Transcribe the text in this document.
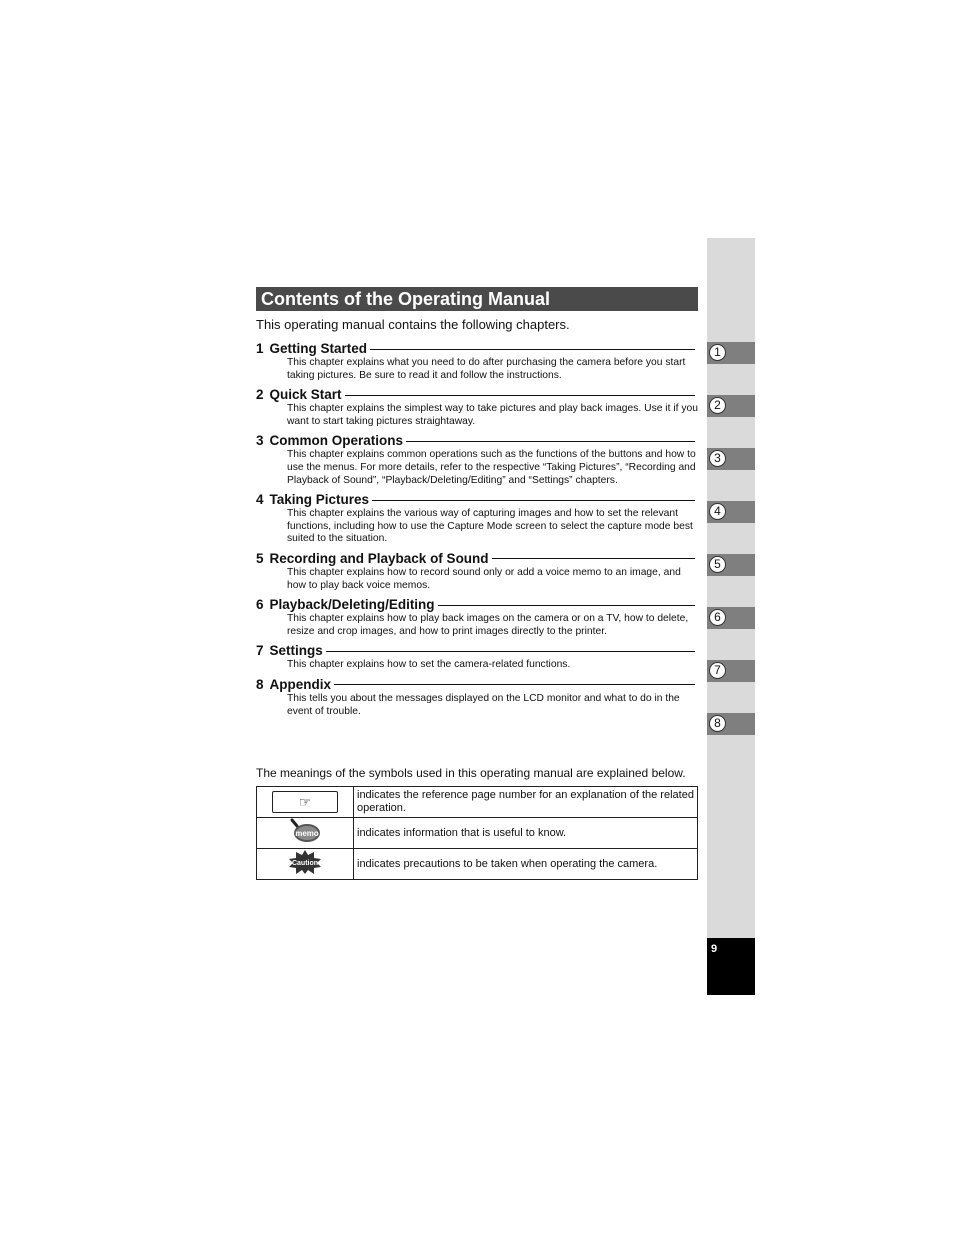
1
2
3
4
5
6
7
8
9
Contents of the Operating Manual
This operating manual contains the following chapters.
1 Getting Started
This chapter explains what you need to do after purchasing the camera before you start taking pictures. Be sure to read it and follow the instructions.
2 Quick Start
This chapter explains the simplest way to take pictures and play back images. Use it if you want to start taking pictures straightaway.
3 Common Operations
This chapter explains common operations such as the functions of the buttons and how to use the menus. For more details, refer to the respective “Taking Pictures”, “Recording and Playback of Sound”, “Playback/Deleting/Editing” and “Settings” chapters.
4 Taking Pictures
This chapter explains the various way of capturing images and how to set the relevant functions, including how to use the Capture Mode screen to select the capture mode best suited to the situation.
5 Recording and Playback of Sound
This chapter explains how to record sound only or add a voice memo to an image, and how to play back voice memos.
6 Playback/Deleting/Editing
This chapter explains how to play back images on the camera or on a TV, how to delete, resize and crop images, and how to print images directly to the printer.
7 Settings
This chapter explains how to set the camera-related functions.
8 Appendix
This tells you about the messages displayed on the LCD monitor and what to do in the event of trouble.
The meanings of the symbols used in this operating manual are explained below.
☞	indicates the reference page number for an explanation of the related operation.

memo	indicates information that is useful to know.

Caution	indicates precautions to be taken when operating the camera.
